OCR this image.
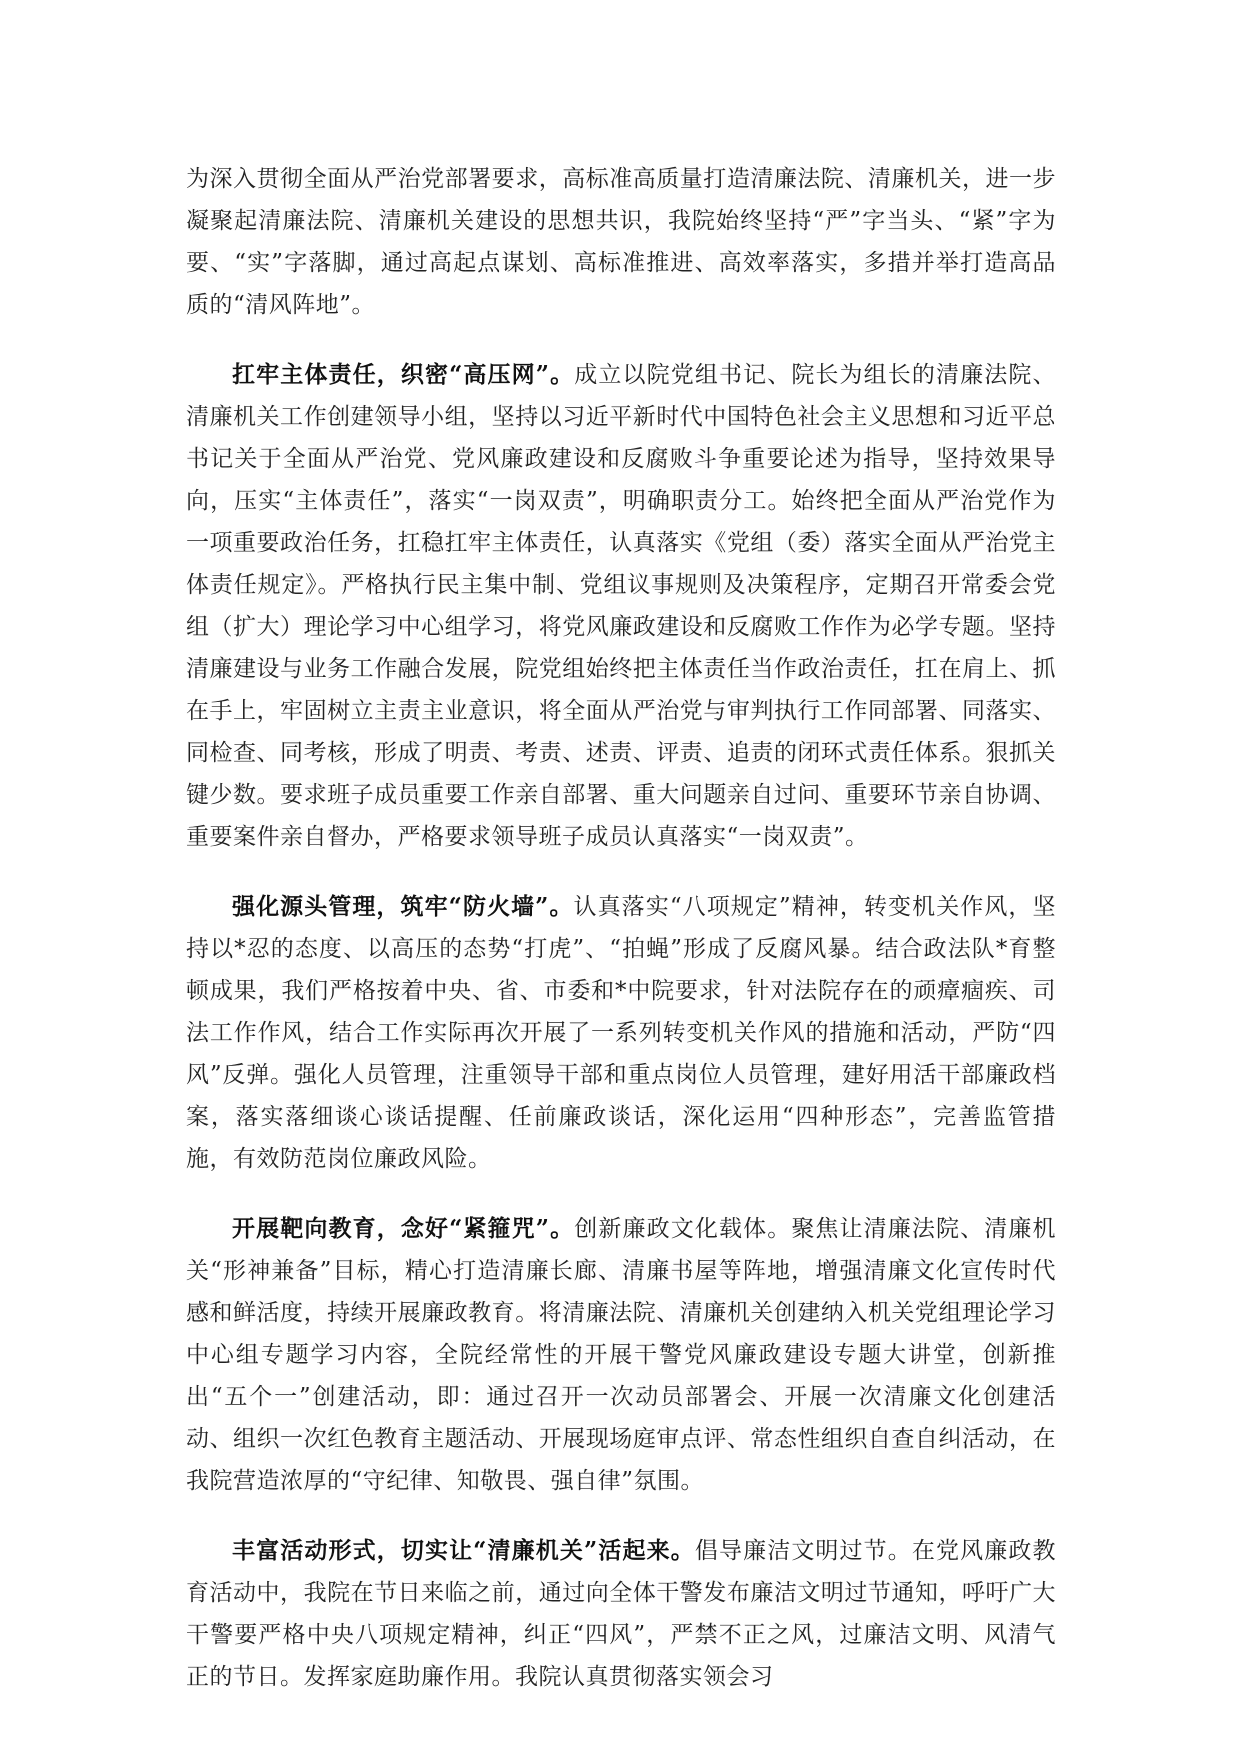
为深入贯彻全面从严治党部署要求，高标准高质量打造清廉法院、清廉机关，进一步凝聚起清廉法院、清廉机关建设的思想共识，我院始终坚持“严”字当头、“紧”字为要、“实”字落脚，通过高起点谋划、高标准推进、高效率落实，多措并举打造高品质的“清风阵地”。

扛牢主体责任，织密“高压网”。成立以院党组书记、院长为组长的清廉法院、清廉机关工作创建领导小组，坚持以习近平新时代中国特色社会主义思想和习近平总书记关于全面从严治党、党风廉政建设和反腐败斗争重要论述为指导，坚持效果导向，压实“主体责任”，落实“一岗双责”，明确职责分工。始终把全面从严治党作为一项重要政治任务，扛稳扛牢主体责任，认真落实《党组（委）落实全面从严治党主体责任规定》。严格执行民主集中制、党组议事规则及决策程序，定期召开常委会党组（扩大）理论学习中心组学习，将党风廉政建设和反腐败工作作为必学专题。坚持清廉建设与业务工作融合发展，院党组始终把主体责任当作政治责任，扛在肩上、抓在手上，牢固树立主责主业意识，将全面从严治党与审判执行工作同部署、同落实、同检查、同考核，形成了明责、考责、述责、评责、追责的闭环式责任体系。狠抓关键少数。要求班子成员重要工作亲自部署、重大问题亲自过问、重要环节亲自协调、重要案件亲自督办，严格要求领导班子成员认真落实“一岗双责”。

强化源头管理，筑牢“防火墙”。认真落实“八项规定”精神，转变机关作风，坚持以*忍的态度、以高压的态势“打虎”、“拍蝇”形成了反腐风暴。结合政法队*育整顿成果，我们严格按着中央、省、市委和*中院要求，针对法院存在的顽瘴痼疾、司法工作作风，结合工作实际再次开展了一系列转变机关作风的措施和活动，严防“四风”反弹。强化人员管理，注重领导干部和重点岗位人员管理，建好用活干部廉政档案，落实落细谈心谈话提醒、任前廉政谈话，深化运用“四种形态”，完善监管措施，有效防范岗位廉政风险。

开展靶向教育，念好“紧箍咒”。创新廉政文化载体。聚焦让清廉法院、清廉机关“形神兼备”目标，精心打造清廉长廊、清廉书屋等阵地，增强清廉文化宣传时代感和鲜活度，持续开展廉政教育。将清廉法院、清廉机关创建纳入机关党组理论学习中心组专题学习内容，全院经常性的开展干警党风廉政建设专题大讲堂，创新推出“五个一”创建活动，即：通过召开一次动员部署会、开展一次清廉文化创建活动、组织一次红色教育主题活动、开展现场庭审点评、常态性组织自查自纠活动，在我院营造浓厚的“守纪律、知敬畏、强自律”氛围。

丰富活动形式，切实让“清廉机关”活起来。倡导廉洁文明过节。在党风廉政教育活动中，我院在节日来临之前，通过向全体干警发布廉洁文明过节通知，呼吁广大干警要严格中央八项规定精神，纠正“四风”，严禁不正之风，过廉洁文明、风清气正的节日。发挥家庭助廉作用。我院认真贯彻落实领会习
